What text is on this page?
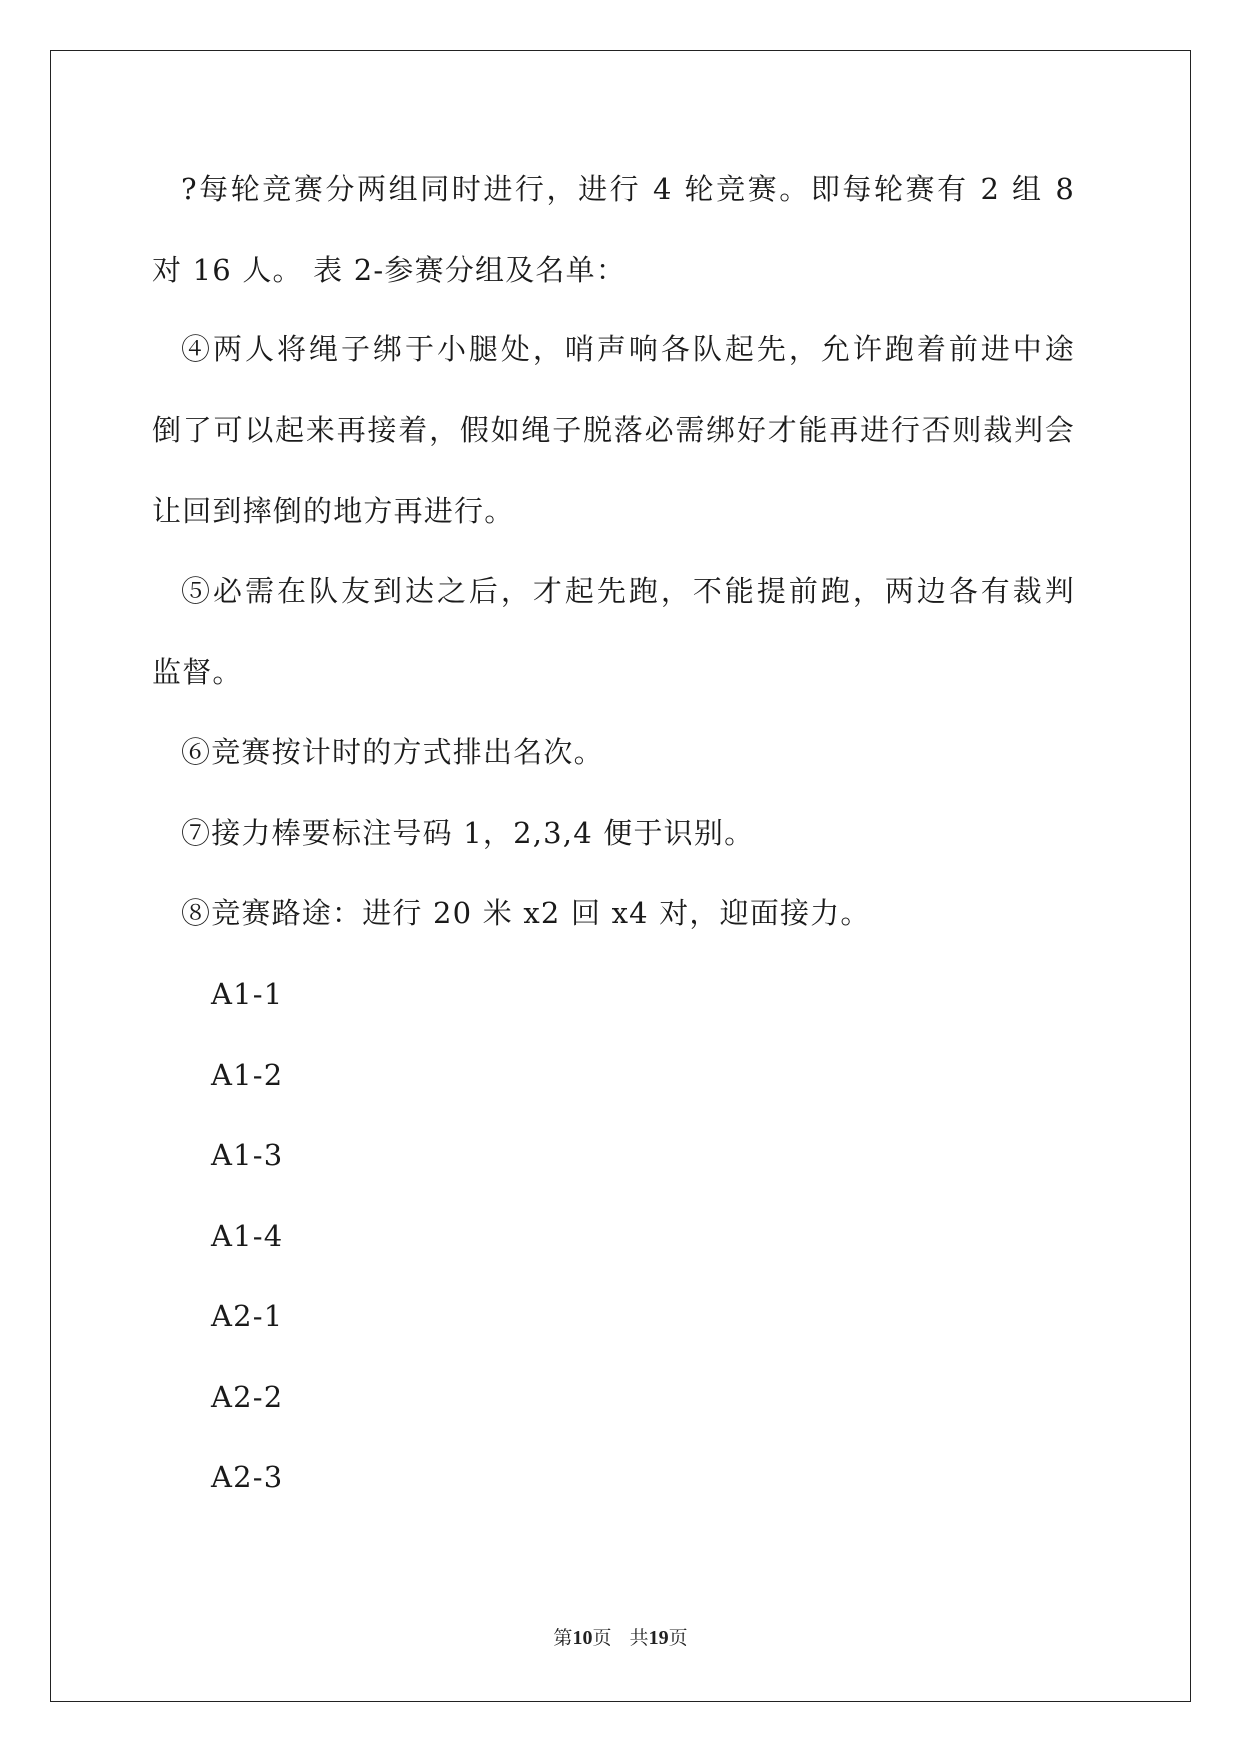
?每轮竞赛分两组同时进行，进行 4 轮竞赛。即每轮赛有 2 组 8

对 16 人。 表 2-参赛分组及名单：

④两人将绳子绑于小腿处，哨声响各队起先，允许跑着前进中途

倒了可以起来再接着，假如绳子脱落必需绑好才能再进行否则裁判会

让回到摔倒的地方再进行。

⑤必需在队友到达之后，才起先跑，不能提前跑，两边各有裁判

监督。

⑥竞赛按计时的方式排出名次。

⑦接力棒要标注号码 1，2,3,4 便于识别。

⑧竞赛路途：进行 20 米 x2 回 x4 对，迎面接力。

A1-1

A1-2

A1-3

A1-4

A2-1

A2-2

A2-3

第10页   共19页
